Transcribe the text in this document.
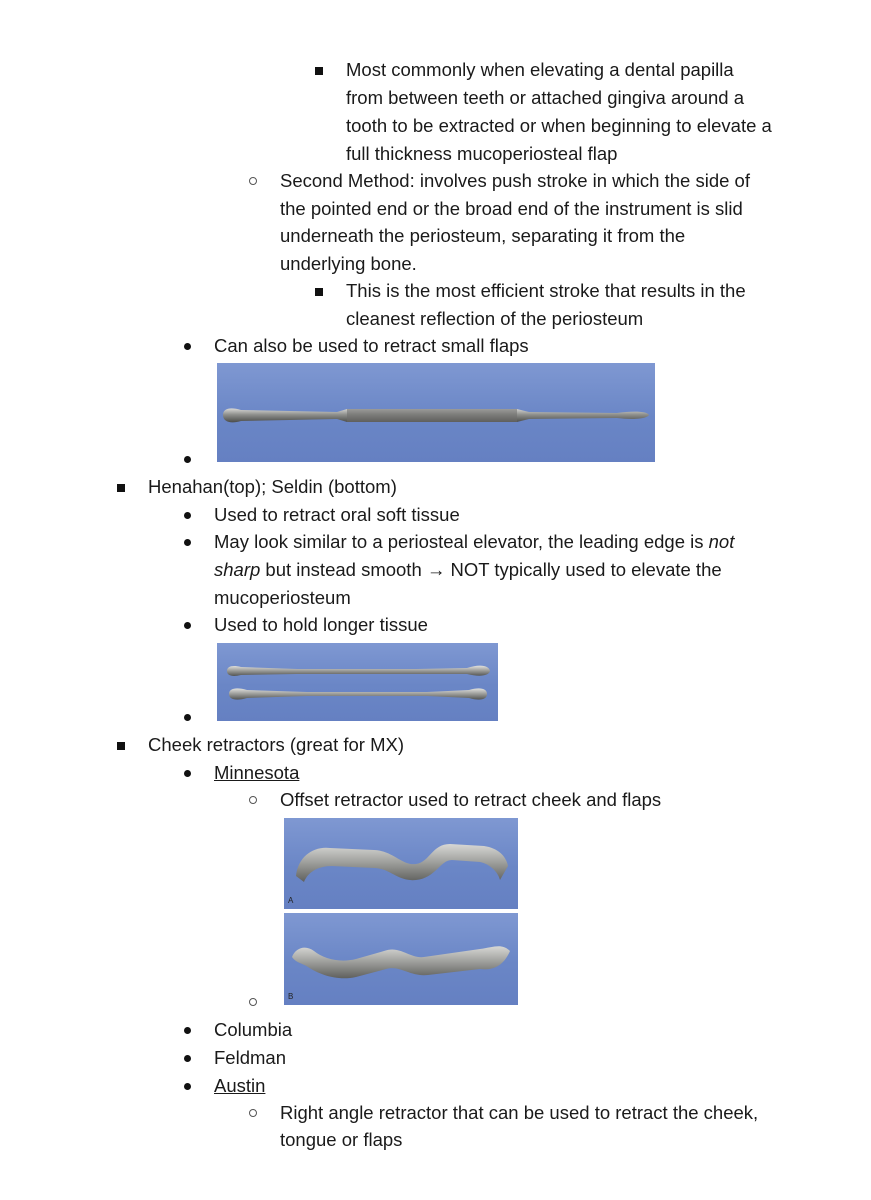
Most commonly when elevating a dental papilla
from between teeth or attached gingiva around a
tooth to be extracted or when beginning to elevate a
full thickness mucoperiosteal flap
Second Method: involves push stroke in which the side of
the pointed end or the broad end of the instrument is slid
underneath the periosteum, separating it from the
underlying bone.
This is the most efficient stroke that results in the
cleanest reflection of the periosteum
Can also be used to retract small flaps
Henahan(top); Seldin (bottom)
Used to retract oral soft tissue
May look similar to a periosteal elevator, the leading edge is not
sharp but instead smooth → NOT typically used to elevate the
mucoperiosteum
Used to hold longer tissue
Cheek retractors (great for MX)
Minnesota
Offset retractor used to retract cheek and flaps
A
B
Columbia
Feldman
Austin
Right angle retractor that can be used to retract the cheek,
tongue or flaps
